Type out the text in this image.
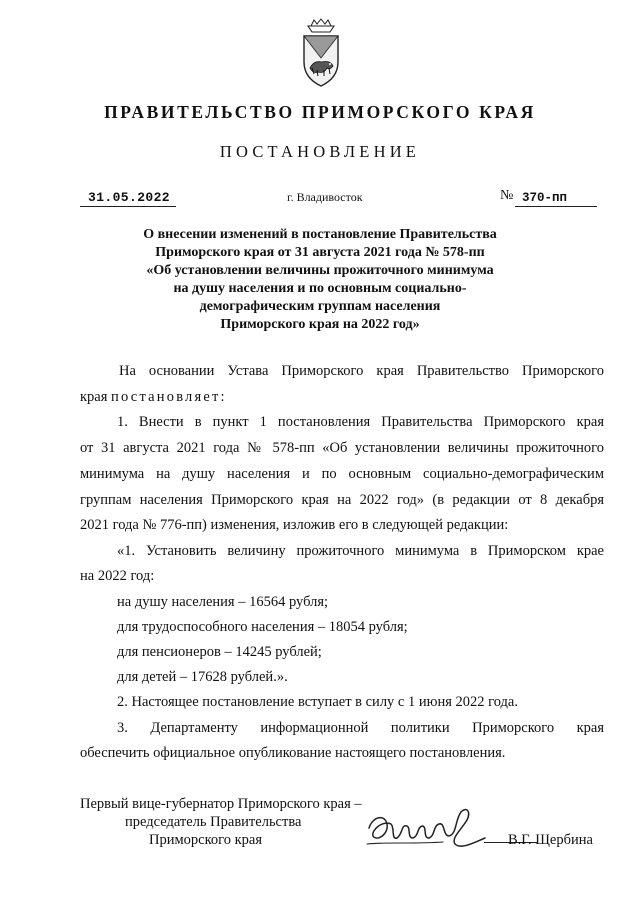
ПРАВИТЕЛЬСТВО ПРИМОРСКОГО КРАЯ
ПОСТАНОВЛЕНИЕ
31.05.2022	г. Владивосток	№ 370-пп
О внесении изменений в постановление Правительства
Приморского края от 31 августа 2021 года № 578-пп
«Об установлении величины прожиточного минимума
на душу населения и по основным социально-
демографическим группам населения
Приморского края на 2022 год»
На основании Устава Приморского края Правительство Приморского
края постановляет:
1. Внести в пункт 1 постановления Правительства Приморского края
от 31 августа 2021 года № 578-пп «Об установлении величины прожиточного
минимума на душу населения и по основным социально-демографическим
группам населения Приморского края на 2022 год» (в редакции от 8 декабря
2021 года № 776-пп) изменения, изложив его в следующей редакции:
«1. Установить величину прожиточного минимума в Приморском крае
на 2022 год:
на душу населения – 16564 рубля;
для трудоспособного населения – 18054 рубля;
для пенсионеров – 14245 рублей;
для детей – 17628 рублей.».
2. Настоящее постановление вступает в силу с 1 июня 2022 года.
3. Департаменту информационной политики Приморского края
обеспечить официальное опубликование настоящего постановления.
Первый вице-губернатор Приморского края –
председатель Правительства
Приморского края	В.Г. Щербина
